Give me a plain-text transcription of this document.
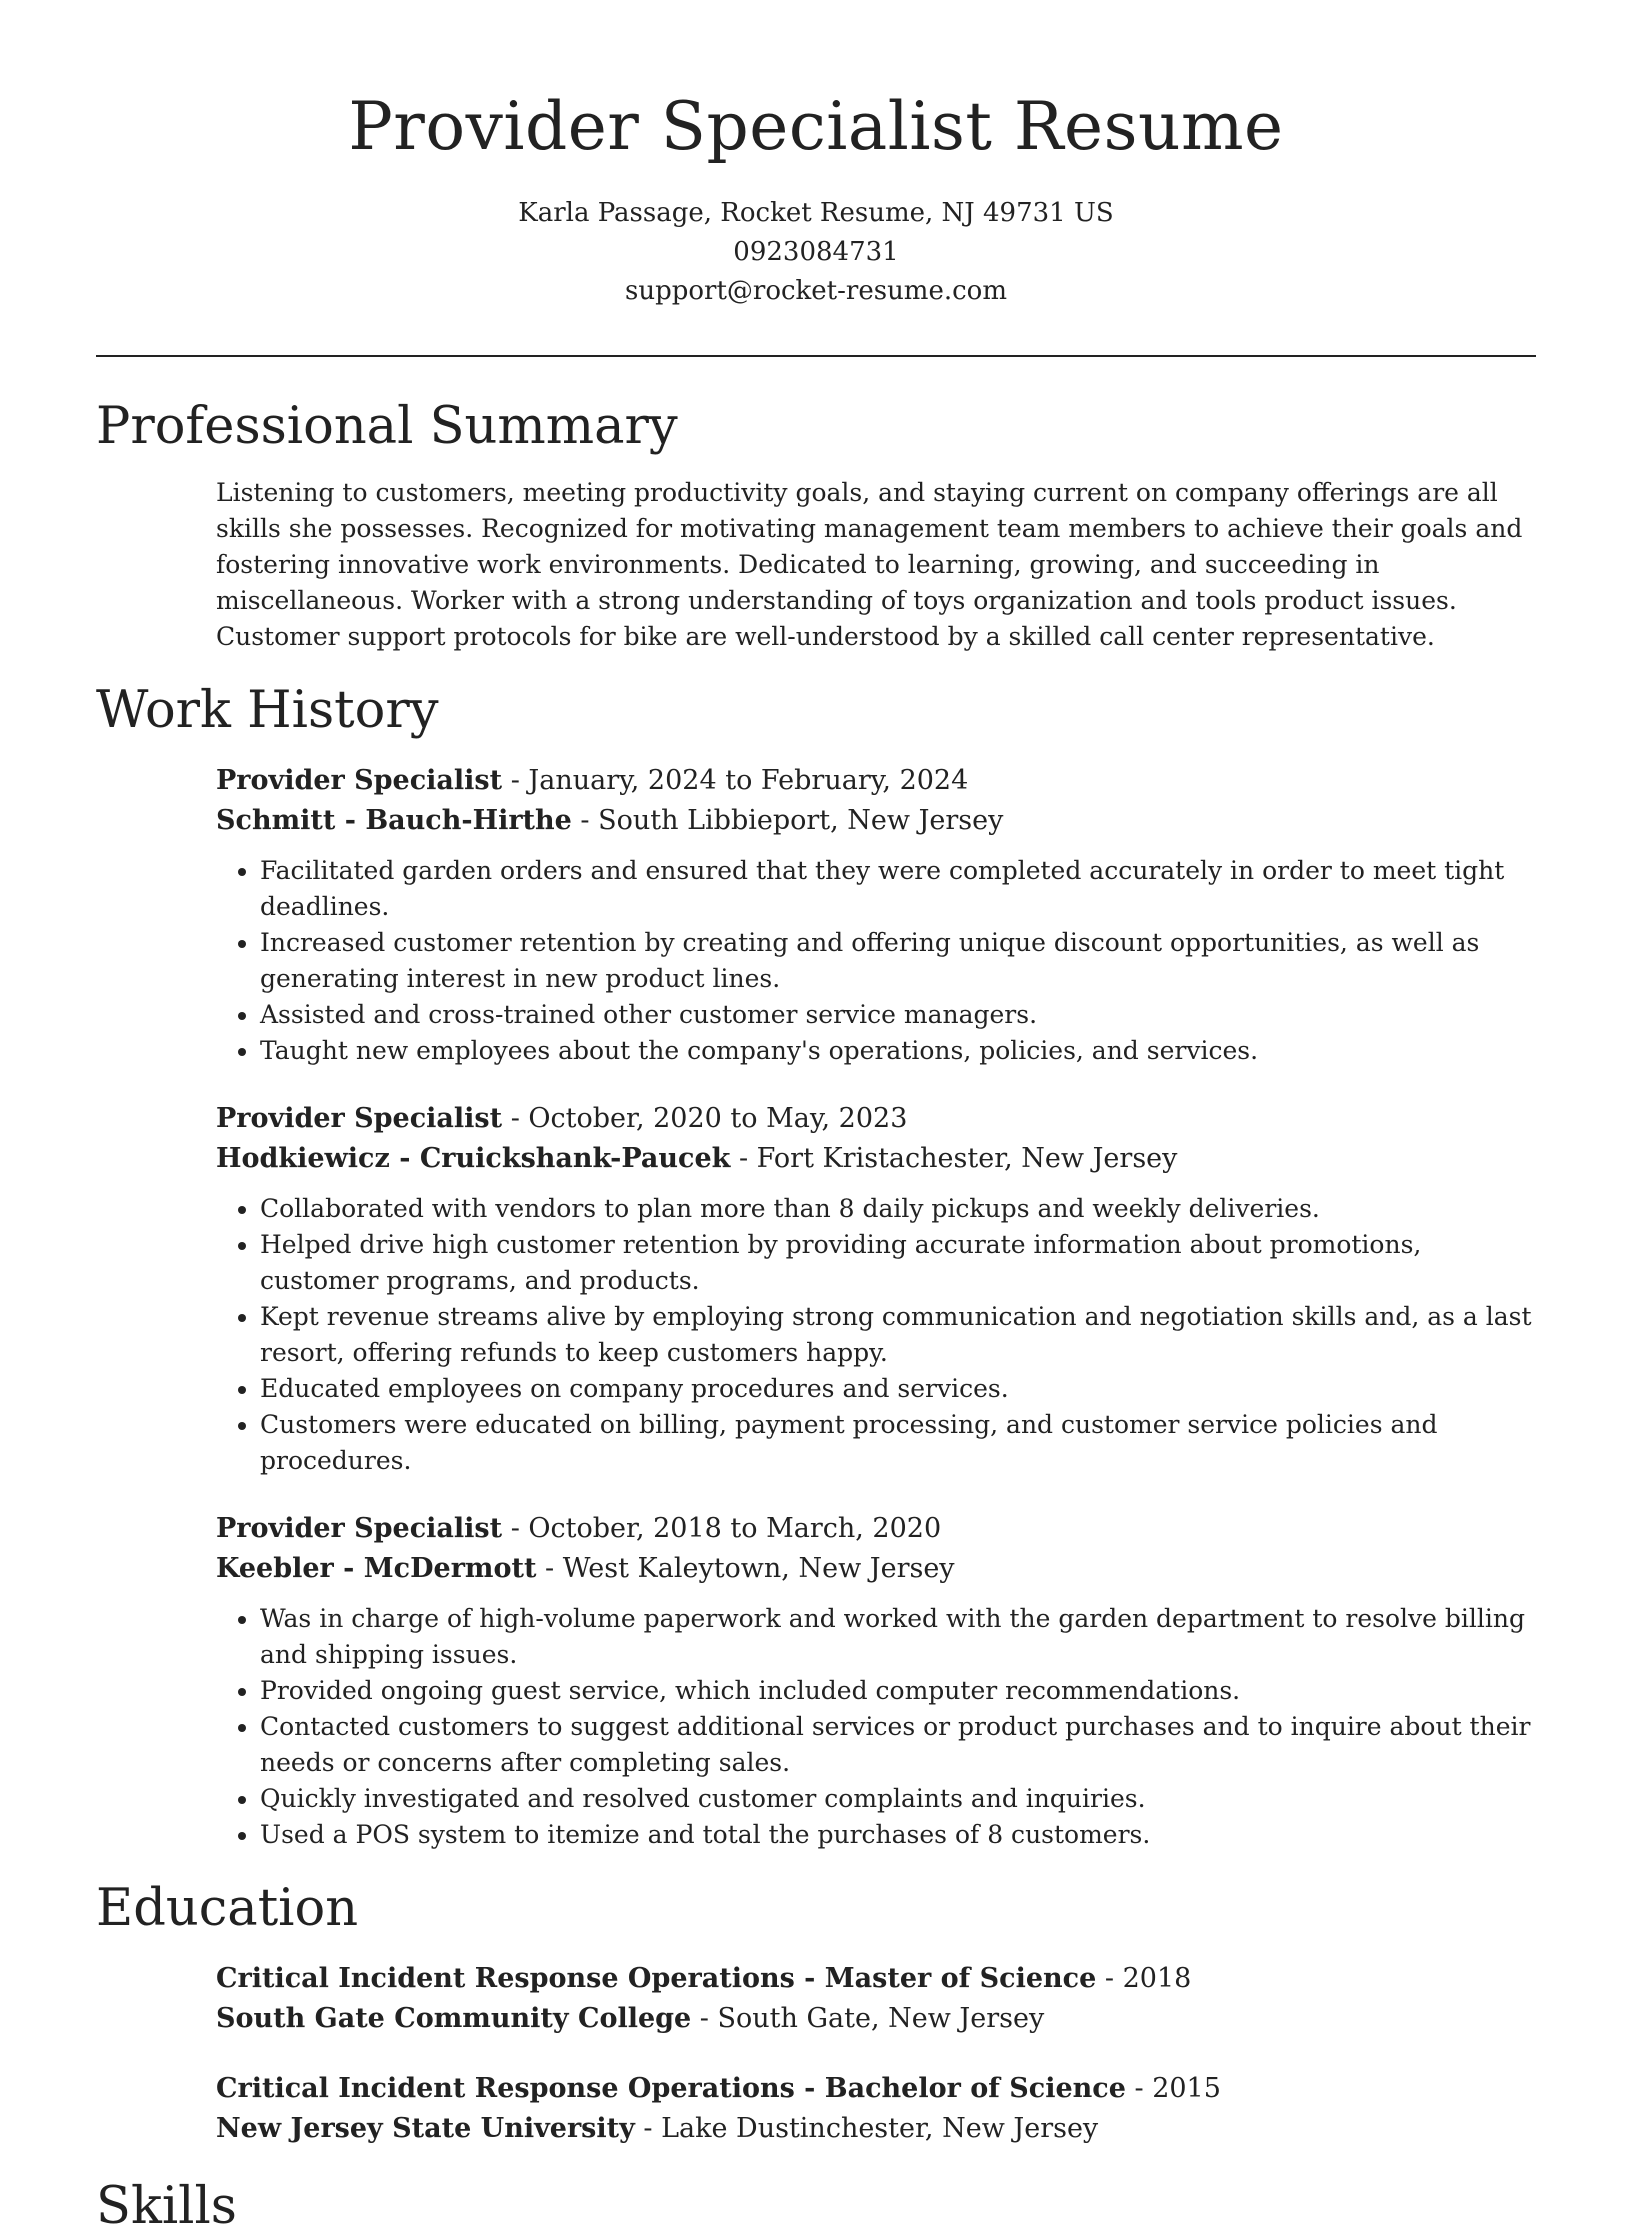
Provider Specialist Resume
Karla Passage, Rocket Resume, NJ 49731 US
0923084731
support@rocket-resume.com
Professional Summary
Listening to customers, meeting productivity goals, and staying current on company offerings are all skills she possesses. Recognized for motivating management team members to achieve their goals and fostering innovative work environments. Dedicated to learning, growing, and succeeding in miscellaneous. Worker with a strong understanding of toys organization and tools product issues. Customer support protocols for bike are well-understood by a skilled call center representative.
Work History
Provider Specialist - January, 2024 to February, 2024
Schmitt - Bauch-Hirthe - South Libbieport, New Jersey
• Facilitated garden orders and ensured that they were completed accurately in order to meet tight deadlines.
• Increased customer retention by creating and offering unique discount opportunities, as well as generating interest in new product lines.
• Assisted and cross-trained other customer service managers.
• Taught new employees about the company's operations, policies, and services.
Provider Specialist - October, 2020 to May, 2023
Hodkiewicz - Cruickshank-Paucek - Fort Kristachester, New Jersey
• Collaborated with vendors to plan more than 8 daily pickups and weekly deliveries.
• Helped drive high customer retention by providing accurate information about promotions, customer programs, and products.
• Kept revenue streams alive by employing strong communication and negotiation skills and, as a last resort, offering refunds to keep customers happy.
• Educated employees on company procedures and services.
• Customers were educated on billing, payment processing, and customer service policies and procedures.
Provider Specialist - October, 2018 to March, 2020
Keebler - McDermott - West Kaleytown, New Jersey
• Was in charge of high-volume paperwork and worked with the garden department to resolve billing and shipping issues.
• Provided ongoing guest service, which included computer recommendations.
• Contacted customers to suggest additional services or product purchases and to inquire about their needs or concerns after completing sales.
• Quickly investigated and resolved customer complaints and inquiries.
• Used a POS system to itemize and total the purchases of 8 customers.
Education
Critical Incident Response Operations - Master of Science - 2018
South Gate Community College - South Gate, New Jersey
Critical Incident Response Operations - Bachelor of Science - 2015
New Jersey State University - Lake Dustinchester, New Jersey
Skills
